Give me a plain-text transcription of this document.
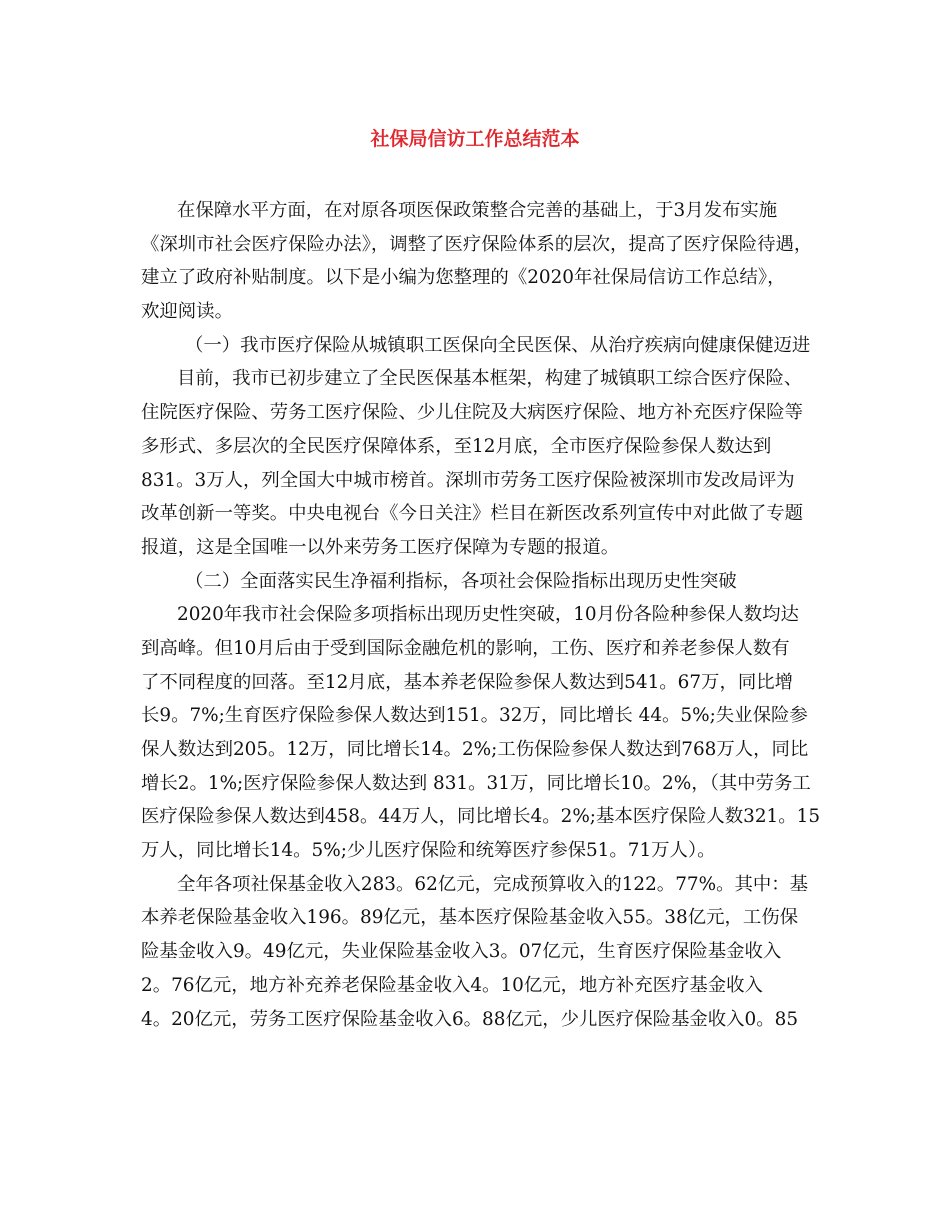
社保局信访工作总结范本
在保障水平方面，在对原各项医保政策整合完善的基础上，于3月发布实施
《深圳市社会医疗保险办法》，调整了医疗保险体系的层次，提高了医疗保险待遇，
建立了政府补贴制度。以下是小编为您整理的《2020年社保局信访工作总结》，
欢迎阅读。
（一）我市医疗保险从城镇职工医保向全民医保、从治疗疾病向健康保健迈进
目前，我市已初步建立了全民医保基本框架，构建了城镇职工综合医疗保险、
住院医疗保险、劳务工医疗保险、少儿住院及大病医疗保险、地方补充医疗保险等
多形式、多层次的全民医疗保障体系，至12月底，全市医疗保险参保人数达到
831。3万人，列全国大中城市榜首。深圳市劳务工医疗保险被深圳市发改局评为
改革创新一等奖。中央电视台《今日关注》栏目在新医改系列宣传中对此做了专题
报道，这是全国唯一以外来劳务工医疗保障为专题的报道。
（二）全面落实民生净福利指标，各项社会保险指标出现历史性突破
2020年我市社会保险多项指标出现历史性突破，10月份各险种参保人数均达
到高峰。但10月后由于受到国际金融危机的影响，工伤、医疗和养老参保人数有
了不同程度的回落。至12月底，基本养老保险参保人数达到541。67万，同比增
长9。7%;生育医疗保险参保人数达到151。32万，同比增长 44。5%;失业保险参
保人数达到205。12万，同比增长14。2%;工伤保险参保人数达到768万人，同比
增长2。1%;医疗保险参保人数达到 831。31万，同比增长10。2%，（其中劳务工
医疗保险参保人数达到458。44万人，同比增长4。2%;基本医疗保险人数321。15
万人，同比增长14。5%;少儿医疗保险和统筹医疗参保51。71万人）。
全年各项社保基金收入283。62亿元，完成预算收入的122。77%。其中：基
本养老保险基金收入196。89亿元，基本医疗保险基金收入55。38亿元，工伤保
险基金收入9。49亿元，失业保险基金收入3。07亿元，生育医疗保险基金收入
2。76亿元，地方补充养老保险基金收入4。10亿元，地方补充医疗基金收入
4。20亿元，劳务工医疗保险基金收入6。88亿元，少儿医疗保险基金收入0。85
